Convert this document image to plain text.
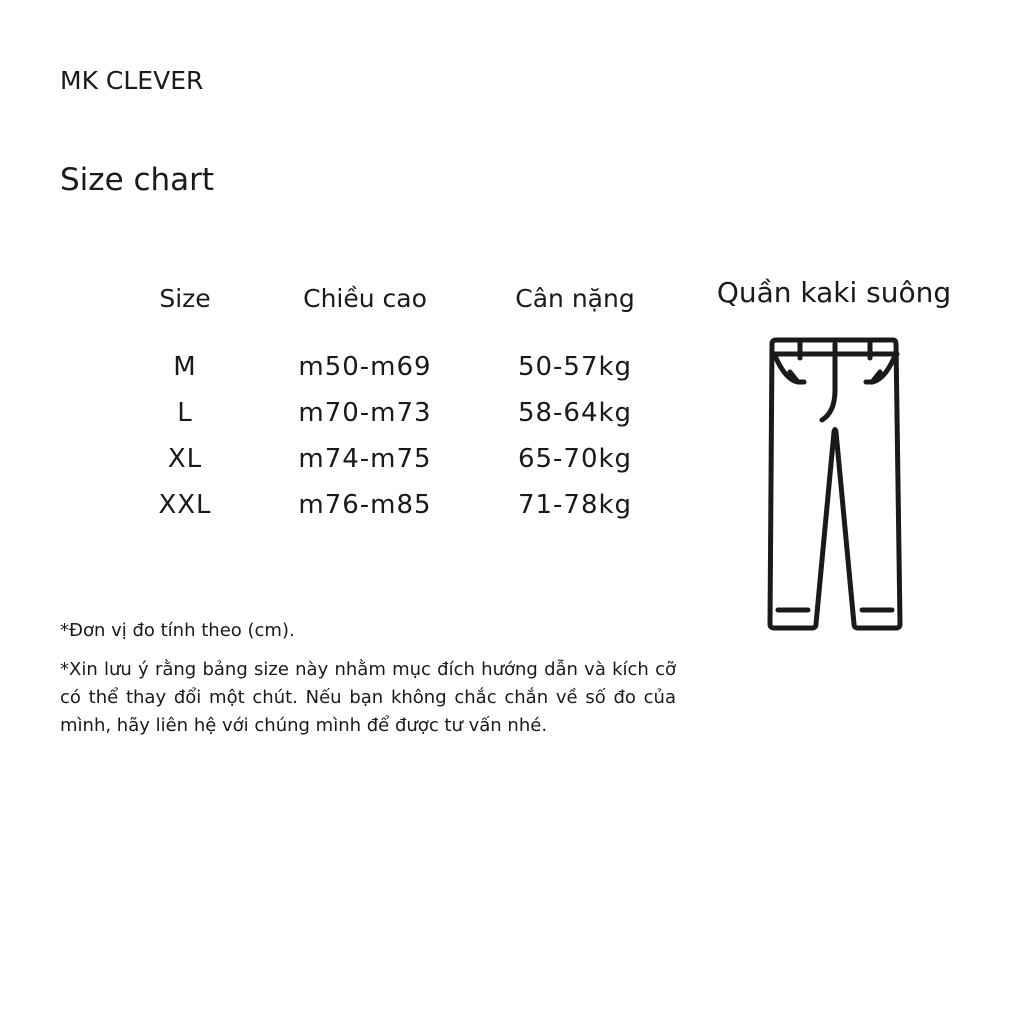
MK CLEVER
Size chart
Size	Chiều cao	Cân nặng
M	m50-m69	50-57kg
L	m70-m73	58-64kg
XL	m74-m75	65-70kg
XXL	m76-m85	71-78kg
Quần kaki suông
*Đơn vị đo tính theo (cm).
*Xin lưu ý rằng bảng size này nhằm mục đích hướng dẫn và kích cỡ có thể thay đổi một chút. Nếu bạn không chắc chắn về số đo của mình, hãy liên hệ với chúng mình để được tư vấn nhé.
